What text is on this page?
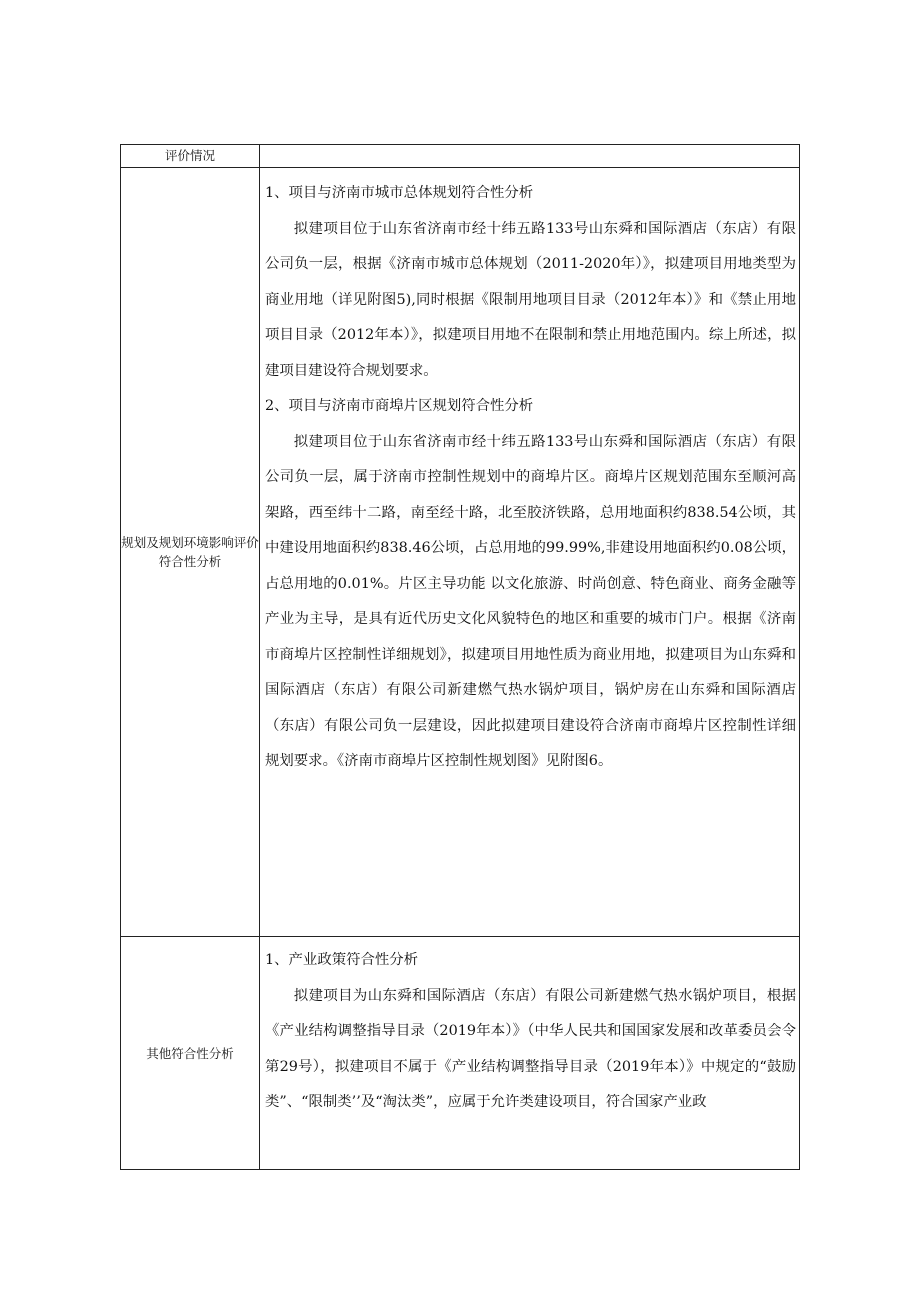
评价情况	
规划及规划环境影响评价符合性分析	1、项目与济南市城市总体规划符合性分析

拟建项目位于山东省济南市经十纬五路133号山东舜和国际酒店（东店）有限公司负一层，根据《济南市城市总体规划（2011-2020年）》，拟建项目用地类型为商业用地（详见附图5),同时根据《限制用地项目目录（2012年本）》和《禁止用地项目目录（2012年本）》，拟建项目用地不在限制和禁止用地范围内。综上所述，拟建项目建设符合规划要求。

2、项目与济南市商埠片区规划符合性分析

拟建项目位于山东省济南市经十纬五路133号山东舜和国际酒店（东店）有限公司负一层，属于济南市控制性规划中的商埠片区。商埠片区规划范围东至顺河高架路，西至纬十二路，南至经十路，北至胶济铁路，总用地面积约838.54公顷，其中建设用地面积约838.46公顷，占总用地的99.99%,非建设用地面积约0.08公顷，占总用地的0.01%。片区主导功能 以文化旅游、时尚创意、特色商业、商务金融等产业为主导，是具有近代历史文化风貌特色的地区和重要的城市门户。根据《济南市商埠片区控制性详细规划》，拟建项目用地性质为商业用地，拟建项目为山东舜和国际酒店（东店）有限公司新建燃气热水锅炉项目，锅炉房在山东舜和国际酒店（东店）有限公司负一层建设，因此拟建项目建设符合济南市商埠片区控制性详细规划要求。《济南市商埠片区控制性规划图》见附图6。

其他符合性分析	1、产业政策符合性分析

拟建项目为山东舜和国际酒店（东店）有限公司新建燃气热水锅炉项目，根据《产业结构调整指导目录（2019年本）》（中华人民共和国国家发展和改革委员会令第29号），拟建项目不属于《产业结构调整指导目录（2019年本）》中规定的“鼓励类”、“限制类’’及“淘汰类”，应属于允许类建设项目，符合国家产业政
